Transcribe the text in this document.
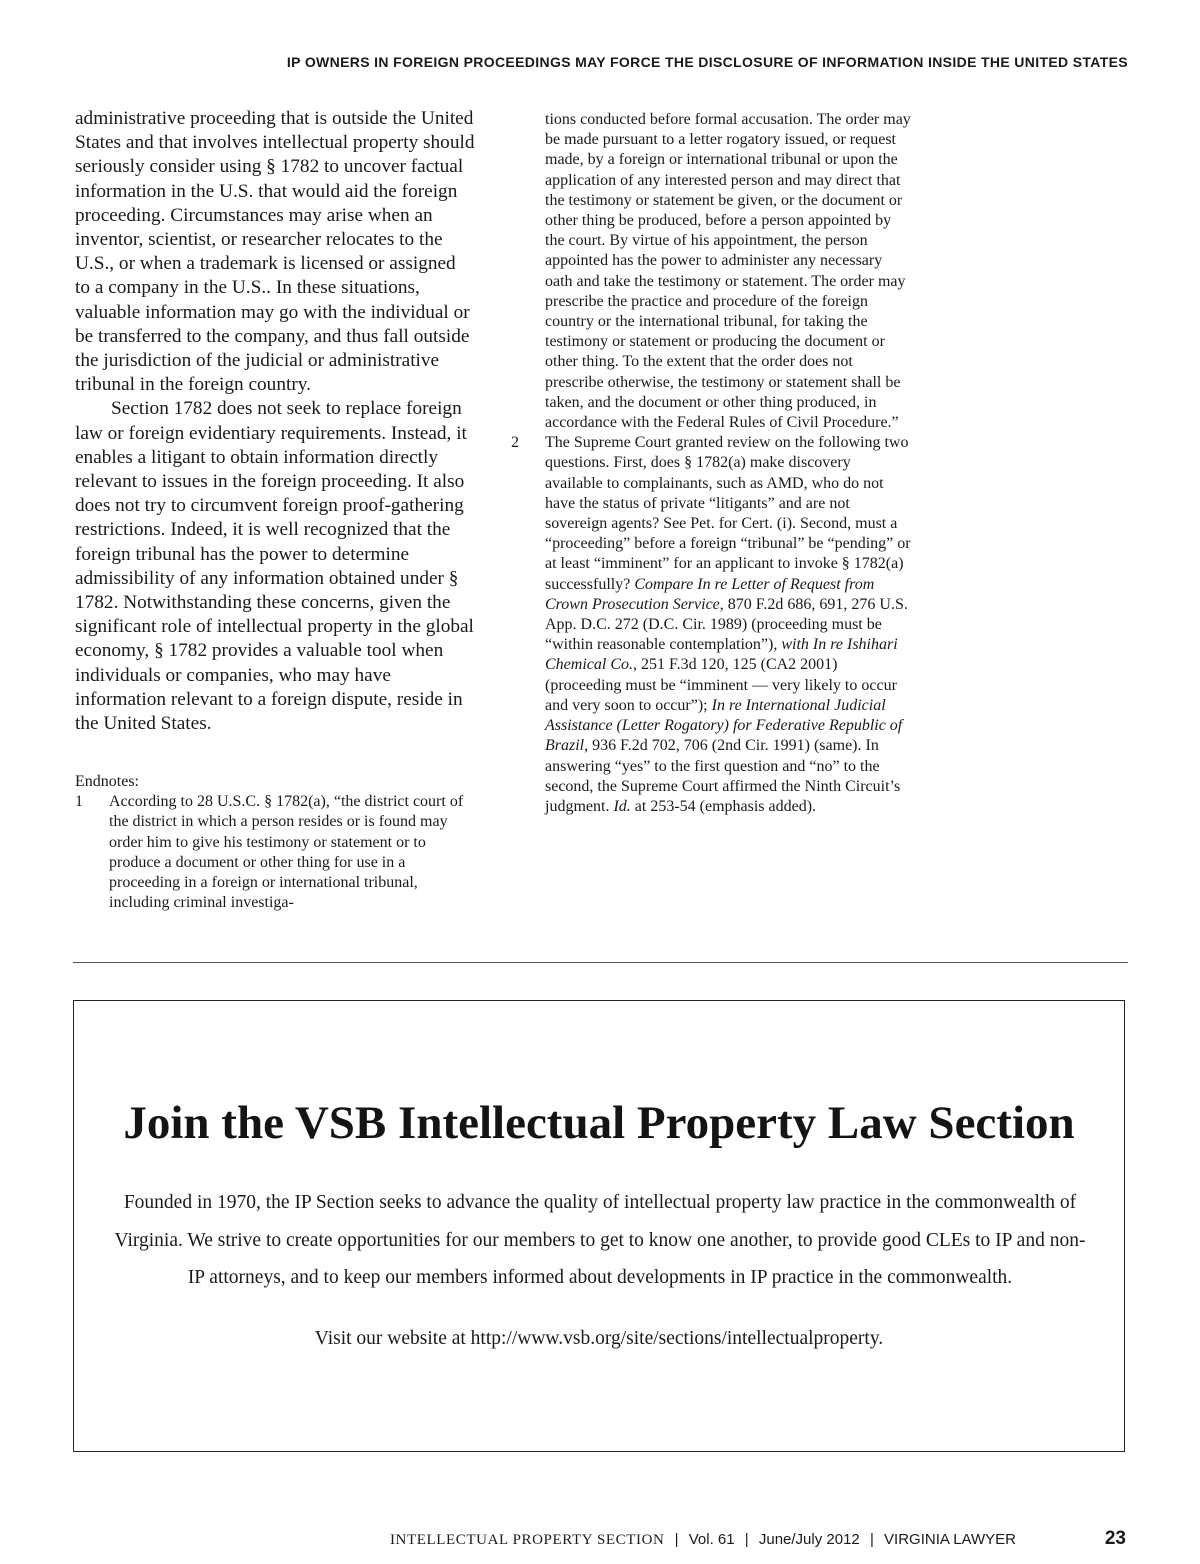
IP OWNERS IN FOREIGN PROCEEDINGS MAY FORCE THE DISCLOSURE OF INFORMATION INSIDE THE UNITED STATES

administrative proceeding that is outside the United States and that involves intellectual property should seriously consider using § 1782 to uncover factual information in the U.S. that would aid the foreign proceeding. Circumstances may arise when an inventor, scientist, or researcher relocates to the U.S., or when a trademark is licensed or assigned to a company in the U.S.. In these situations, valuable information may go with the individual or be transferred to the company, and thus fall outside the jurisdiction of the judicial or administrative tribunal in the foreign country.

Section 1782 does not seek to replace foreign law or foreign evidentiary requirements. Instead, it enables a litigant to obtain information directly relevant to issues in the foreign proceeding. It also does not try to circumvent foreign proof-gathering restrictions. Indeed, it is well recognized that the foreign tribunal has the power to determine admissibility of any information obtained under § 1782. Notwithstanding these concerns, given the significant role of intellectual property in the global economy, § 1782 provides a valuable tool when individuals or companies, who may have information relevant to a foreign dispute, reside in the United States.

Endnotes:
1 According to 28 U.S.C. § 1782(a), “the district court of the district in which a person resides or is found may order him to give his testimony or statement or to produce a document or other thing for use in a proceeding in a foreign or international tribunal, including criminal investiga-
tions conducted before formal accusation. The order may be made pursuant to a letter rogatory issued, or request made, by a foreign or international tribunal or upon the application of any interested person and may direct that the testimony or statement be given, or the document or other thing be produced, before a person appointed by the court. By virtue of his appointment, the person appointed has the power to administer any necessary oath and take the testimony or statement. The order may prescribe the practice and procedure of the foreign country or the international tribunal, for taking the testimony or statement or producing the document or other thing. To the extent that the order does not prescribe otherwise, the testimony or statement shall be taken, and the document or other thing produced, in accordance with the Federal Rules of Civil Procedure.”
2 The Supreme Court granted review on the following two questions. First, does § 1782(a) make discovery available to complainants, such as AMD, who do not have the status of private “litigants” and are not sovereign agents? See Pet. for Cert. (i). Second, must a “proceeding” before a foreign “tribunal” be “pending” or at least “imminent” for an applicant to invoke § 1782(a) successfully? Compare In re Letter of Request from Crown Prosecution Service, 870 F.2d 686, 691, 276 U.S. App. D.C. 272 (D.C. Cir. 1989) (proceeding must be “within reasonable contemplation”), with In re Ishihari Chemical Co., 251 F.3d 120, 125 (CA2 2001) (proceeding must be “imminent — very likely to occur and very soon to occur”); In re International Judicial Assistance (Letter Rogatory) for Federative Republic of Brazil, 936 F.2d 702, 706 (2nd Cir. 1991) (same). In answering “yes” to the first question and “no” to the second, the Supreme Court affirmed the Ninth Circuit’s judgment. Id. at 253-54 (emphasis added).
Join the VSB Intellectual Property Law Section
Founded in 1970, the IP Section seeks to advance the quality of intellectual property law practice in the commonwealth of Virginia. We strive to create opportunities for our members to get to know one another, to provide good CLEs to IP and non-IP attorneys, and to keep our members informed about developments in IP practice in the commonwealth.
Visit our website at http://www.vsb.org/site/sections/intellectualproperty.
INTELLECTUAL PROPERTY SECTION | Vol. 61 | June/July 2012 | VIRGINIA LAWYER	23
